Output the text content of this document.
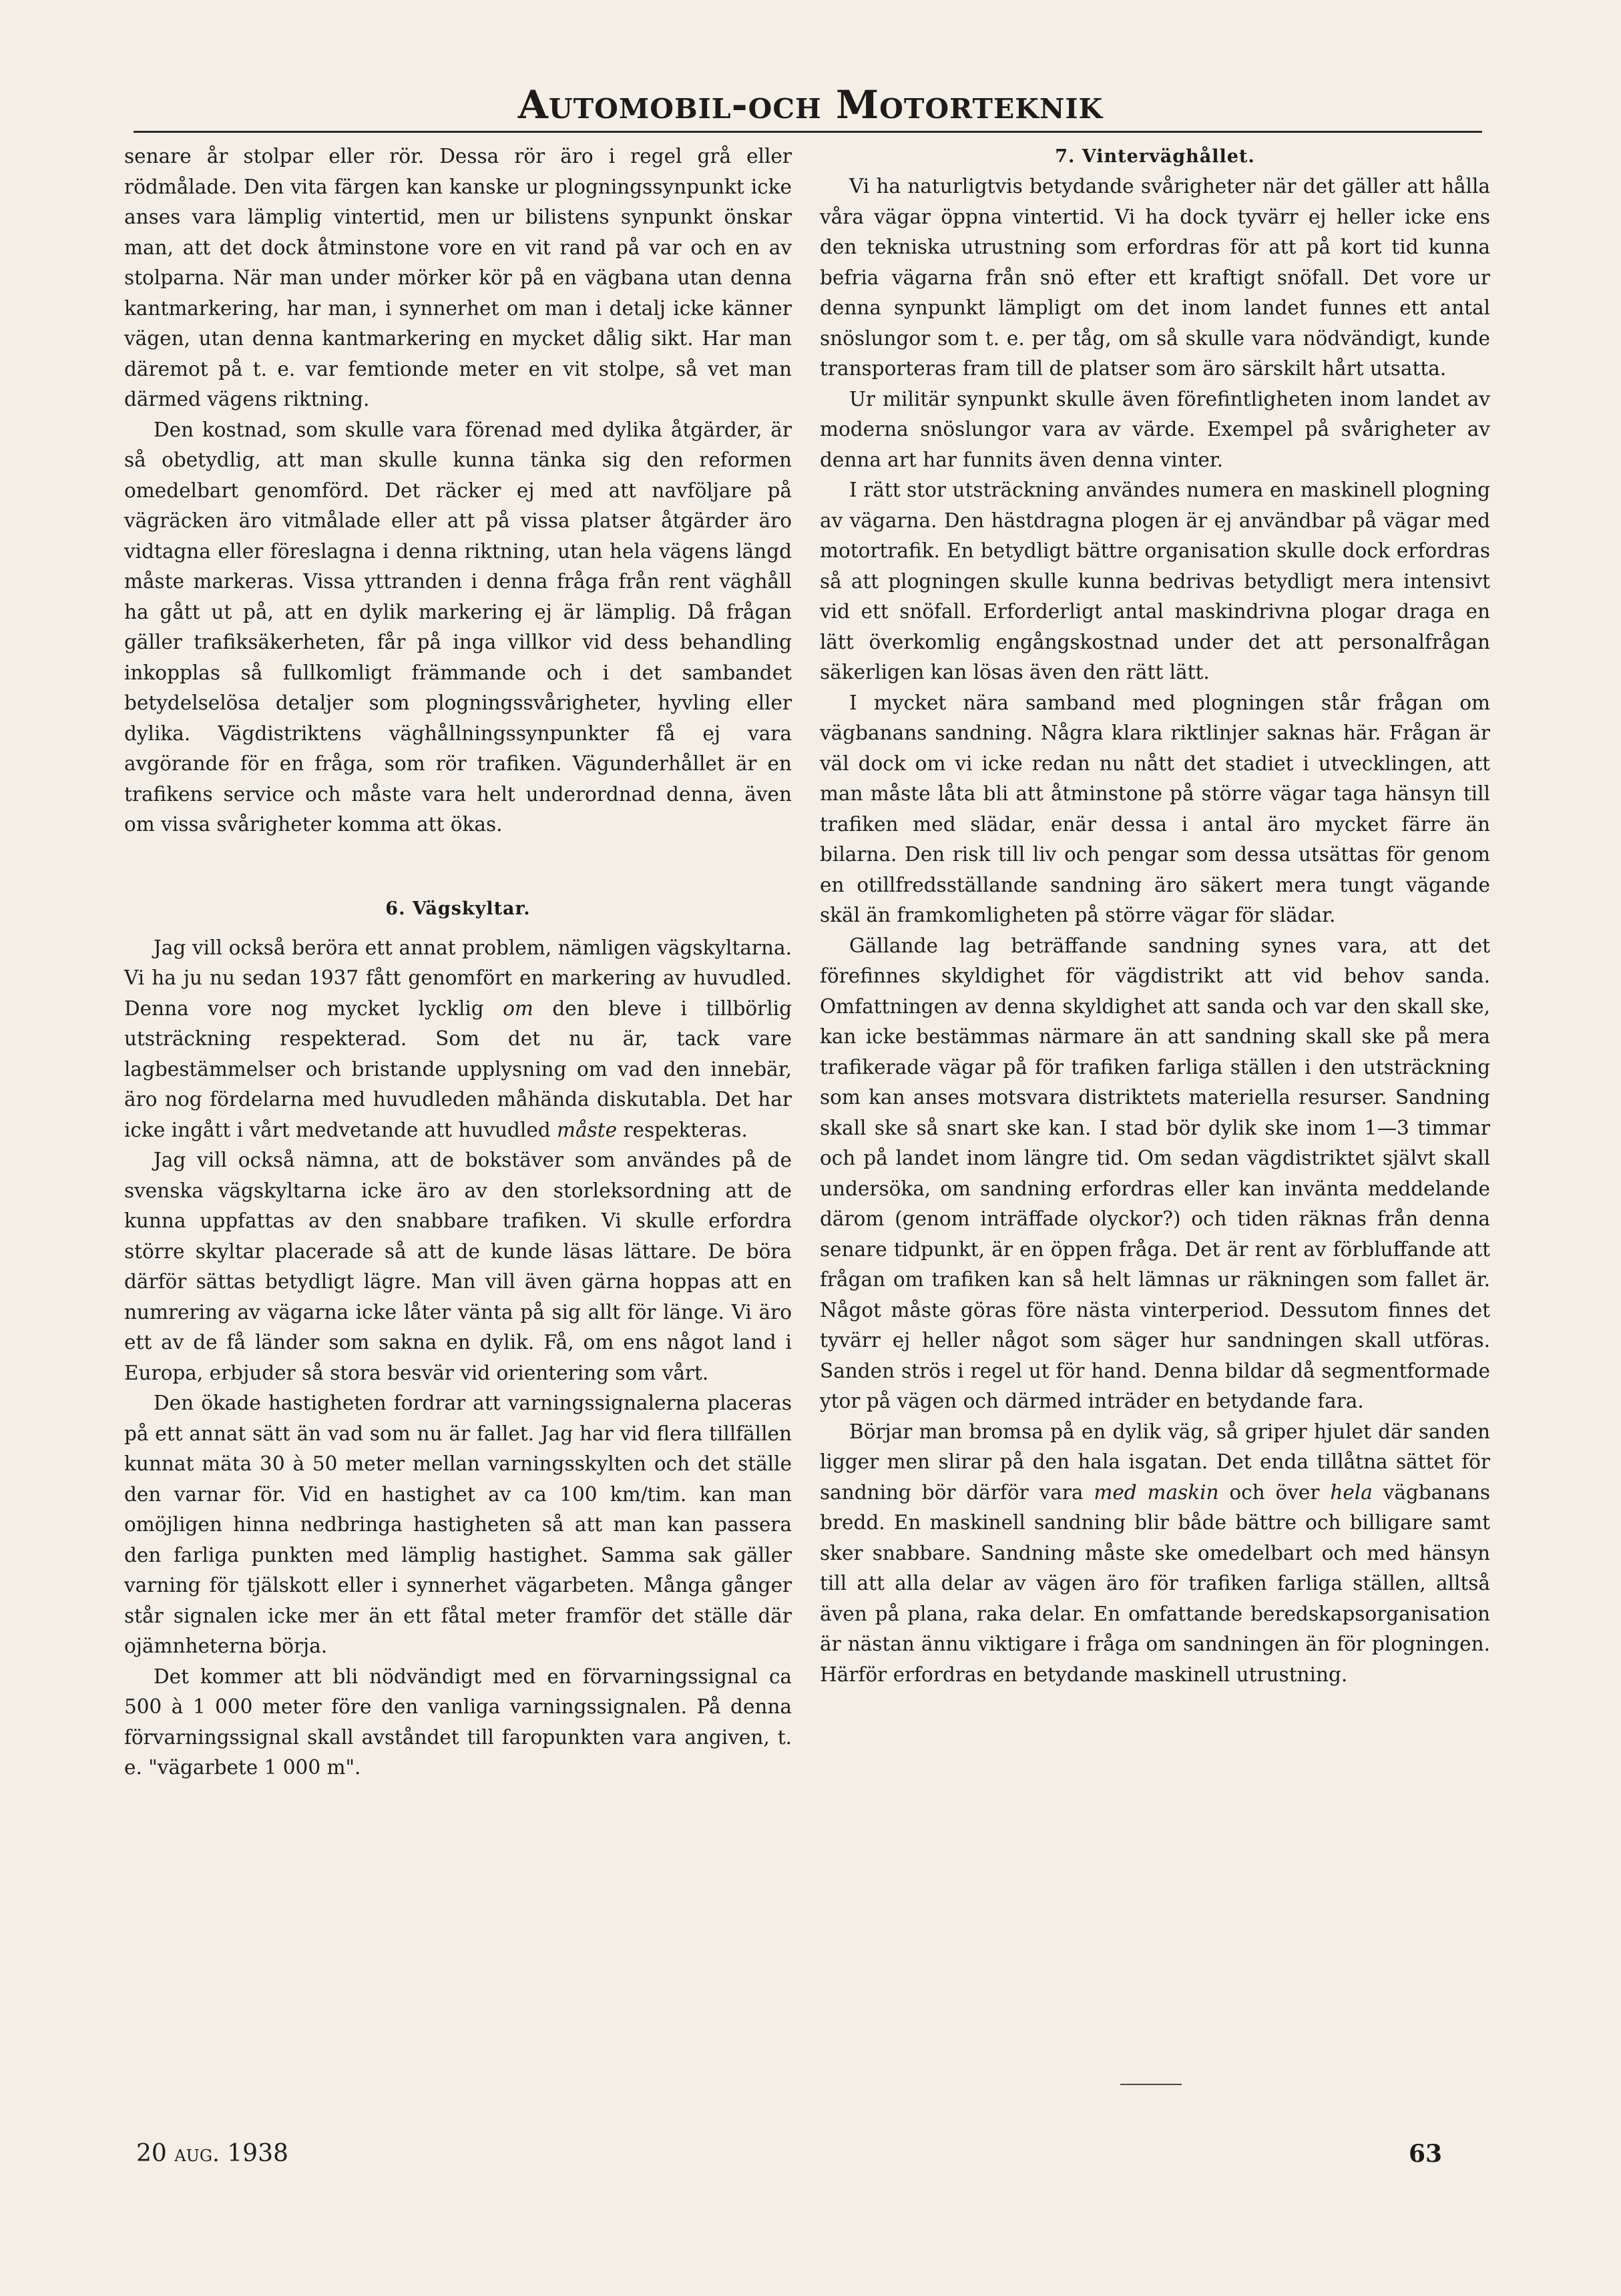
Automobil-och Motorteknik

senare år stolpar eller rör. Dessa rör äro i regel grå eller rödmålade. Den vita färgen kan kanske ur plogningssynpunkt icke anses vara lämplig vintertid, men ur bilistens synpunkt önskar man, att det dock åtminstone vore en vit rand på var och en av stolparna. När man under mörker kör på en vägbana utan denna kantmarkering, har man, i synnerhet om man i detalj icke känner vägen, utan denna kantmarkering en mycket dålig sikt. Har man däremot på t. e. var femtionde meter en vit stolpe, så vet man därmed vägens riktning.

Den kostnad, som skulle vara förenad med dylika åtgärder, är så obetydlig, att man skulle kunna tänka sig den reformen omedelbart genomförd. Det räcker ej med att navföljare på vägräcken äro vitmålade eller att på vissa platser åtgärder äro vidtagna eller föreslagna i denna riktning, utan hela vägens längd måste markeras. Vissa yttranden i denna fråga från rent väghåll ha gått ut på, att en dylik markering ej är lämplig. Då frågan gäller trafiksäkerheten, får på inga villkor vid dess behandling inkopplas så fullkomligt främmande och i det sambandet betydelselösa detaljer som plogningssvårigheter, hyvling eller dylika. Vägdistriktens väghållningssynpunkter få ej vara avgörande för en fråga, som rör trafiken. Vägunderhållet är en trafikens service och måste vara helt underordnad denna, även om vissa svårigheter komma att ökas.

6. Vägskyltar.

Jag vill också beröra ett annat problem, nämligen vägskyltarna. Vi ha ju nu sedan 1937 fått genomfört en markering av huvudled. Denna vore nog mycket lycklig om den bleve i tillbörlig utsträckning respekterad. Som det nu är, tack vare lagbestämmelser och bristande upplysning om vad den innebär, äro nog fördelarna med huvudleden måhända diskutabla. Det har icke ingått i vårt medvetande att huvudled måste respekteras.

Jag vill också nämna, att de bokstäver som användes på de svenska vägskyltarna icke äro av den storleksordning att de kunna uppfattas av den snabbare trafiken. Vi skulle erfordra större skyltar placerade så att de kunde läsas lättare. De böra därför sättas betydligt lägre. Man vill även gärna hoppas att en numrering av vägarna icke låter vänta på sig allt för länge. Vi äro ett av de få länder som sakna en dylik. Få, om ens något land i Europa, erbjuder så stora besvär vid orientering som vårt.

Den ökade hastigheten fordrar att varningssignalerna placeras på ett annat sätt än vad som nu är fallet. Jag har vid flera tillfällen kunnat mäta 30 à 50 meter mellan varningsskylten och det ställe den varnar för. Vid en hastighet av ca 100 km/tim. kan man omöjligen hinna nedbringa hastigheten så att man kan passera den farliga punkten med lämplig hastighet. Samma sak gäller varning för tjälskott eller i synnerhet vägarbeten. Många gånger står signalen icke mer än ett fåtal meter framför det ställe där ojämnheterna börja.

Det kommer att bli nödvändigt med en förvarningssignal ca 500 à 1 000 meter före den vanliga varningssignalen. På denna förvarningssignal skall avståndet till faropunkten vara angiven, t. e. "vägarbete 1 000 m".

7. Vinterväghållet.

Vi ha naturligtvis betydande svårigheter när det gäller att hålla våra vägar öppna vintertid. Vi ha dock tyvärr ej heller icke ens den tekniska utrustning som erfordras för att på kort tid kunna befria vägarna från snö efter ett kraftigt snöfall. Det vore ur denna synpunkt lämpligt om det inom landet funnes ett antal snöslungor som t. e. per tåg, om så skulle vara nödvändigt, kunde transporteras fram till de platser som äro särskilt hårt utsatta.

Ur militär synpunkt skulle även förefintligheten inom landet av moderna snöslungor vara av värde. Exempel på svårigheter av denna art har funnits även denna vinter.

I rätt stor utsträckning användes numera en maskinell plogning av vägarna. Den hästdragna plogen är ej användbar på vägar med motortrafik. En betydligt bättre organisation skulle dock erfordras så att plogningen skulle kunna bedrivas betydligt mera intensivt vid ett snöfall. Erforderligt antal maskindrivna plogar draga en lätt överkomlig engångskostnad under det att personalfrågan säkerligen kan lösas även den rätt lätt.

I mycket nära samband med plogningen står frågan om vägbanans sandning. Några klara riktlinjer saknas här. Frågan är väl dock om vi icke redan nu nått det stadiet i utvecklingen, att man måste låta bli att åtminstone på större vägar taga hänsyn till trafiken med slädar, enär dessa i antal äro mycket färre än bilarna. Den risk till liv och pengar som dessa utsättas för genom en otillfredsställande sandning äro säkert mera tungt vägande skäl än framkomligheten på större vägar för slädar.

Gällande lag beträffande sandning synes vara, att det förefinnes skyldighet för vägdistrikt att vid behov sanda. Omfattningen av denna skyldighet att sanda och var den skall ske, kan icke bestämmas närmare än att sandning skall ske på mera trafikerade vägar på för trafiken farliga ställen i den utsträckning som kan anses motsvara distriktets materiella resurser. Sandning skall ske så snart ske kan. I stad bör dylik ske inom 1—3 timmar och på landet inom längre tid. Om sedan vägdistriktet självt skall undersöka, om sandning erfordras eller kan invänta meddelande därom (genom inträffade olyckor?) och tiden räknas från denna senare tidpunkt, är en öppen fråga. Det är rent av förbluffande att frågan om trafiken kan så helt lämnas ur räkningen som fallet är. Något måste göras före nästa vinterperiod. Dessutom finnes det tyvärr ej heller något som säger hur sandningen skall utföras. Sanden strös i regel ut för hand. Denna bildar då segmentformade ytor på vägen och därmed inträder en betydande fara.

Börjar man bromsa på en dylik väg, så griper hjulet där sanden ligger men slirar på den hala isgatan. Det enda tillåtna sättet för sandning bör därför vara med maskin och över hela vägbanans bredd. En maskinell sandning blir både bättre och billigare samt sker snabbare. Sandning måste ske omedelbart och med hänsyn till att alla delar av vägen äro för trafiken farliga ställen, alltså även på plana, raka delar. En omfattande beredskapsorganisation är nästan ännu viktigare i fråga om sandningen än för plogningen. Härför erfordras en betydande maskinell utrustning.

20 aug. 1938	63
